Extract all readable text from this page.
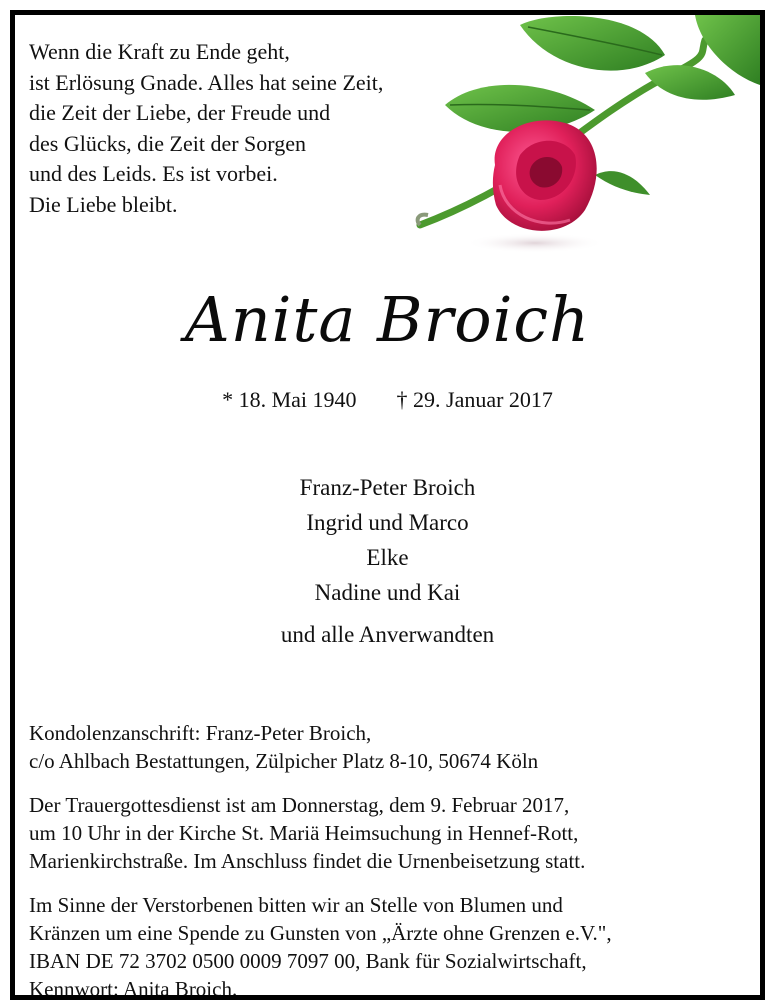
Wenn die Kraft zu Ende geht,
ist Erlösung Gnade. Alles hat seine Zeit,
die Zeit der Liebe, der Freude und
des Glücks, die Zeit der Sorgen
und des Leids. Es ist vorbei.
Die Liebe bleibt.
Anita Broich
* 18. Mai 1940 † 29. Januar 2017
Franz-Peter Broich
Ingrid und Marco
Elke
Nadine und Kai
und alle Anverwandten
Kondolenzanschrift: Franz-Peter Broich,
c/o Ahlbach Bestattungen, Zülpicher Platz 8-10, 50674 Köln
Der Trauergottesdienst ist am Donnerstag, dem 9. Februar 2017,
um 10 Uhr in der Kirche St. Mariä Heimsuchung in Hennef-Rott,
Marienkirchstraße. Im Anschluss findet die Urnenbeisetzung statt.
Im Sinne der Verstorbenen bitten wir an Stelle von Blumen und
Kränzen um eine Spende zu Gunsten von „Ärzte ohne Grenzen e.V.",
IBAN DE 72 3702 0500 0009 7097 00, Bank für Sozialwirtschaft,
Kennwort: Anita Broich.
